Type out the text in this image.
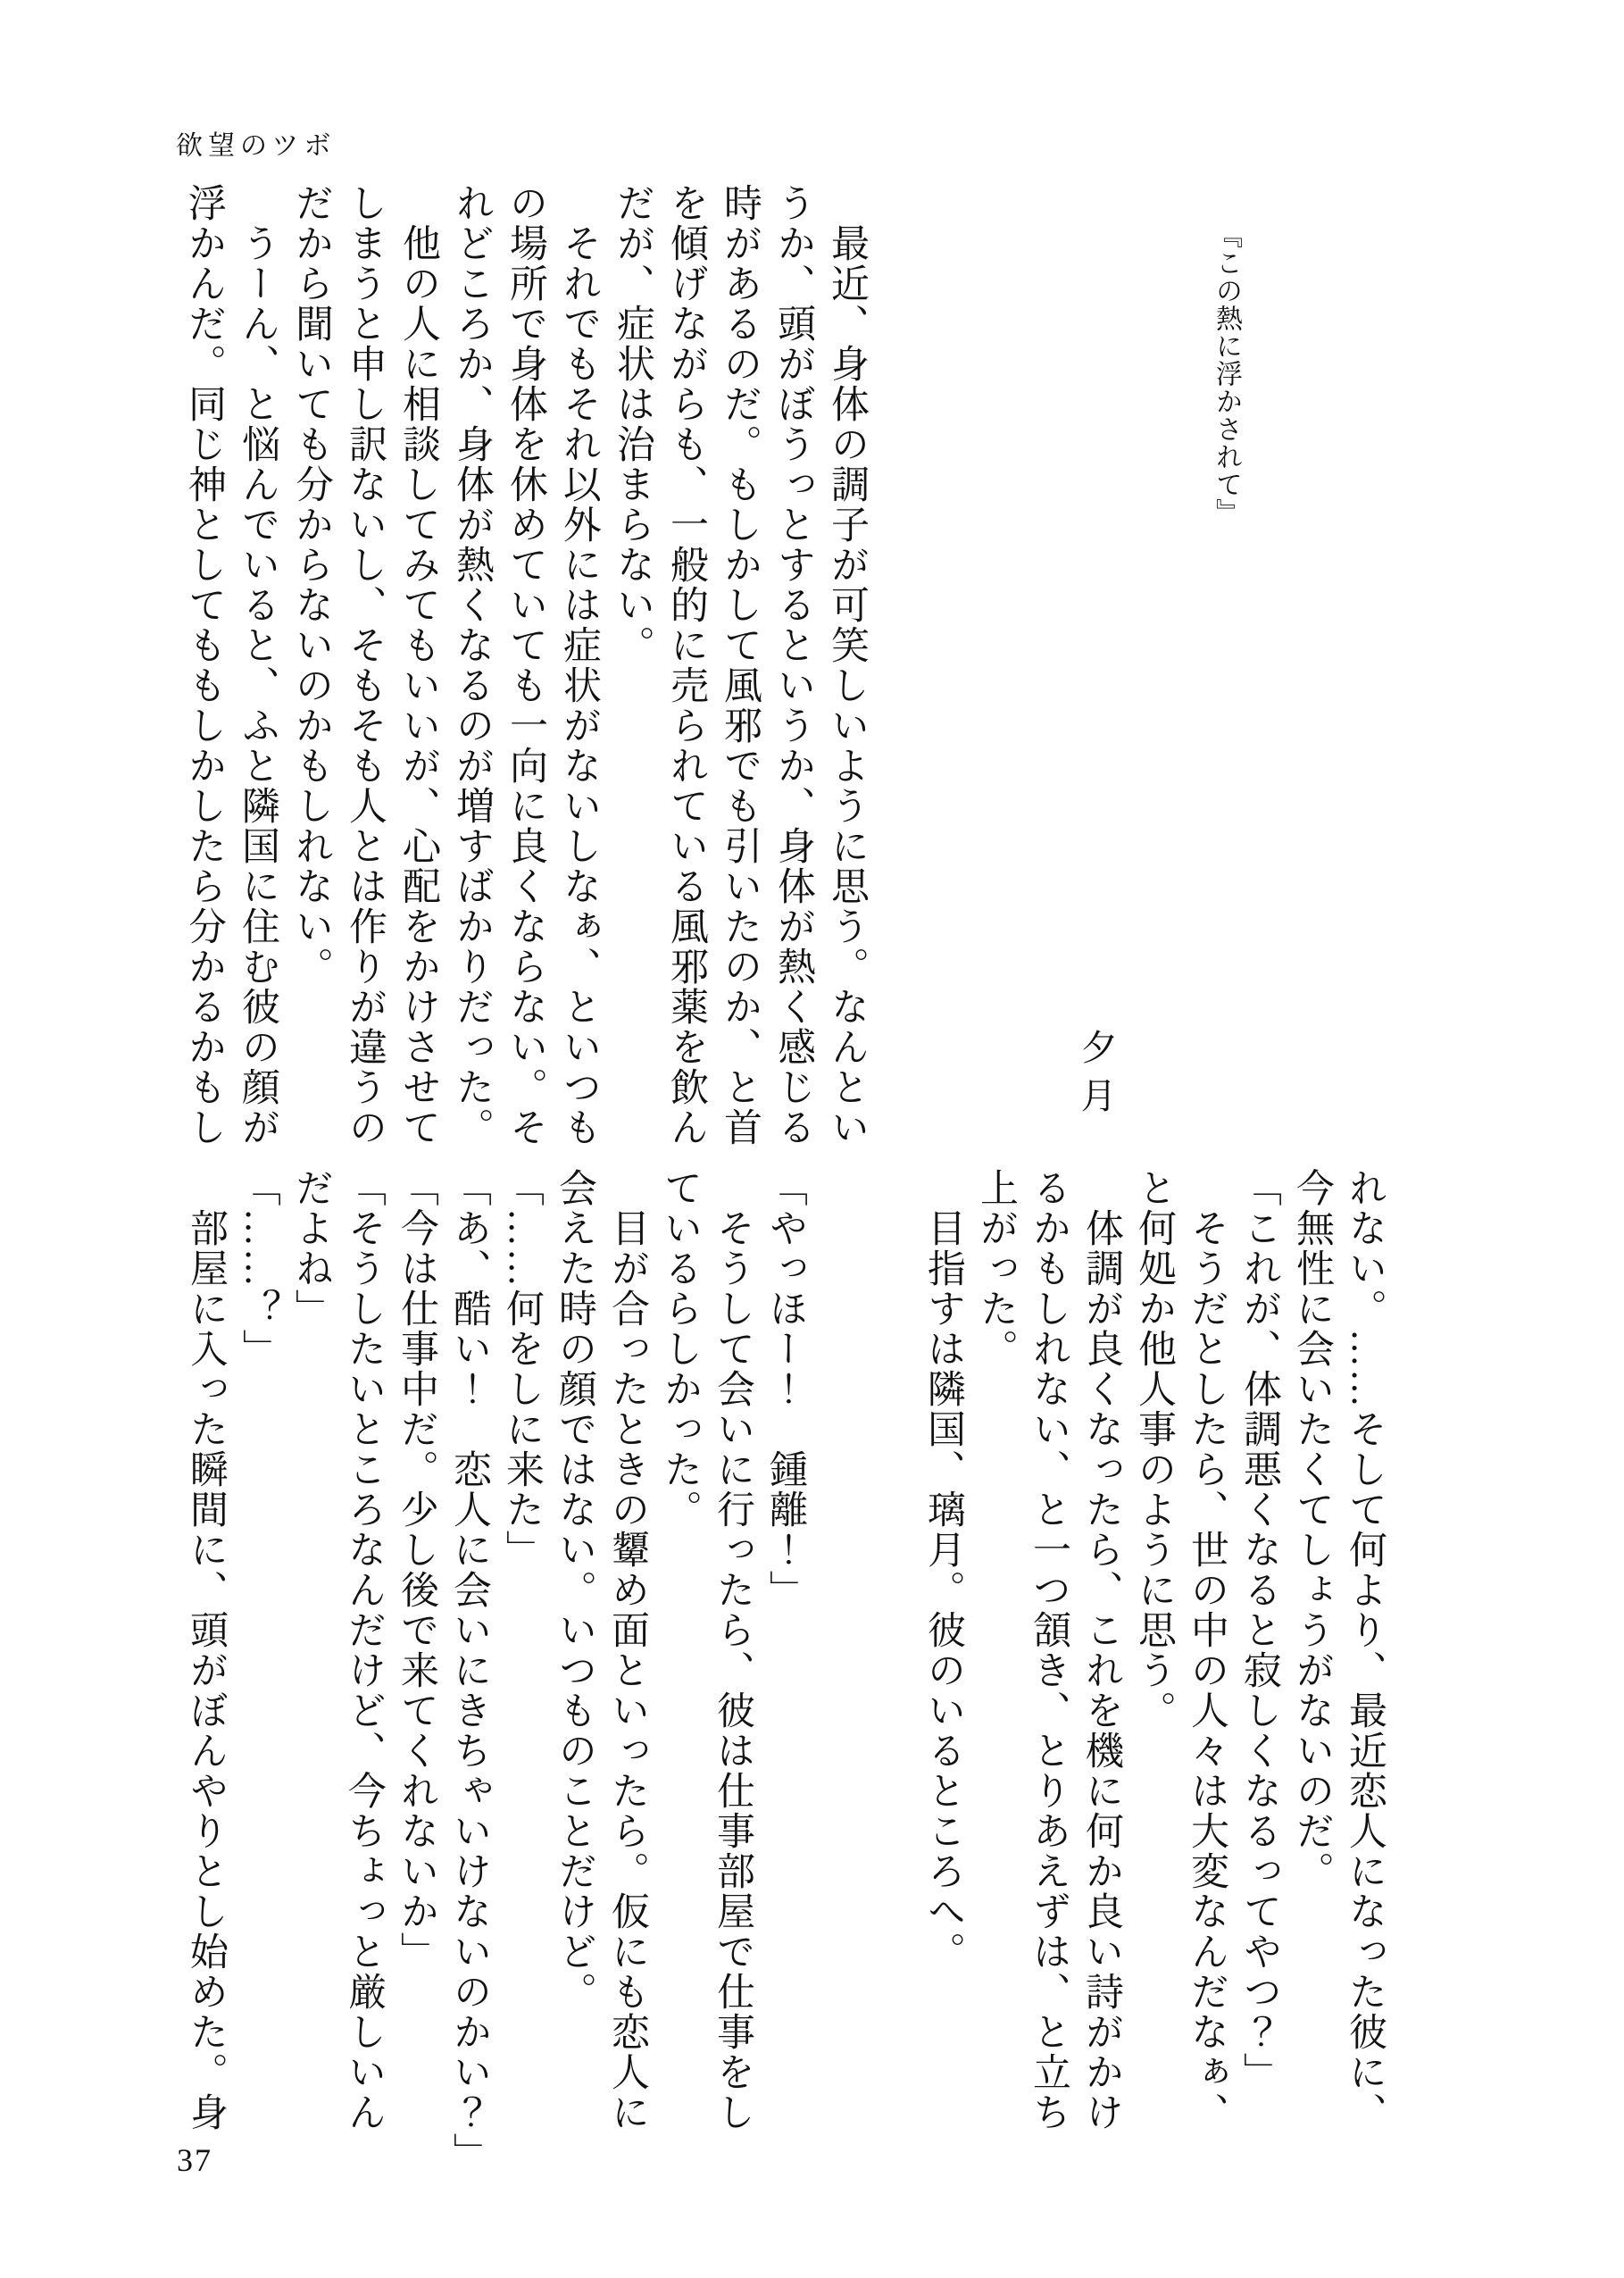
欲望のツボ
『この熱に浮かされて』
夕月

　最近、身体の調子が可笑しいように思う。なんとい

うか、頭がぼうっとするというか、身体が熱く感じる

時があるのだ。もしかして風邪でも引いたのか、と首

を傾げながらも、一般的に売られている風邪薬を飲ん

だが、症状は治まらない。

　それでもそれ以外には症状がないしなぁ、といつも

の場所で身体を休めていても一向に良くならない。そ

れどころか、身体が熱くなるのが増すばかりだった。

　他の人に相談してみてもいいが、心配をかけさせて

しまうと申し訳ないし、そもそも人とは作りが違うの

だから聞いても分からないのかもしれない。

　うーん、と悩んでいると、ふと隣国に住む彼の顔が

浮かんだ。同じ神としてももしかしたら分かるかもし

れない。……そして何より、最近恋人になった彼に、

今無性に会いたくてしょうがないのだ。

「これが、体調悪くなると寂しくなるってやつ？」

　そうだとしたら、世の中の人々は大変なんだなぁ、

と何処か他人事のように思う。

　体調が良くなったら、これを機に何か良い詩がかけ

るかもしれない、と一つ頷き、とりあえずは、と立ち

上がった。

　目指すは隣国、璃月。彼のいるところへ。

「やっほー！　鍾離！」

　そうして会いに行ったら、彼は仕事部屋で仕事をし

ているらしかった。

　目が合ったときの顰め面といったら。仮にも恋人に

会えた時の顔ではない。いつものことだけど。

「……何をしに来た」

「あ、酷い！　恋人に会いにきちゃいけないのかい？」

「今は仕事中だ。少し後で来てくれないか」

「そうしたいところなんだけど、今ちょっと厳しいん

だよね」

「……？」

　部屋に入った瞬間に、頭がぼんやりとし始めた。身

37
